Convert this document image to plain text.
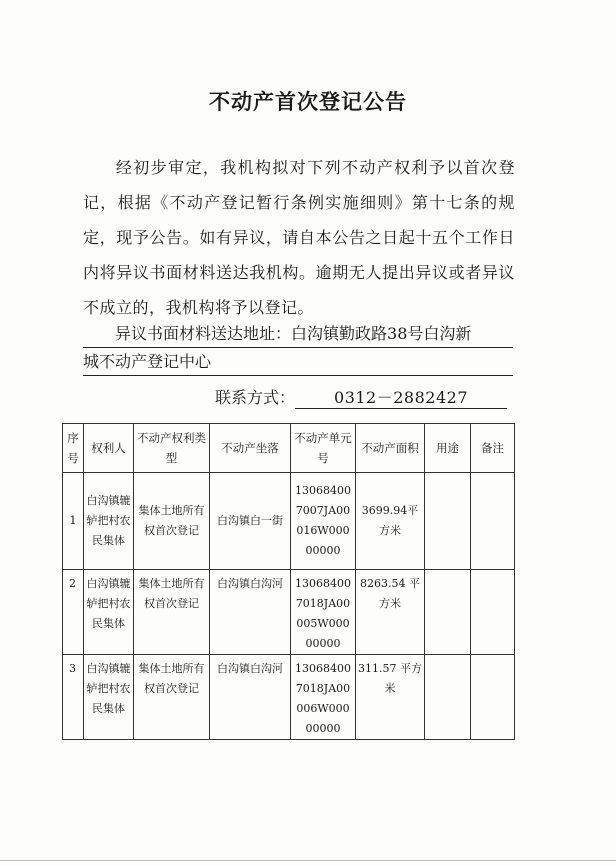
不动产首次登记公告
经初步审定，我机构拟对下列不动产权利予以首次登记，根据《不动产登记暂行条例实施细则》第十七条的规定，现予公告。如有异议，请自本公告之日起十五个工作日内将异议书面材料送达我机构。逾期无人提出异议或者异议不成立的，我机构将予以登记。
异议书面材料送达地址：白沟镇勤政路38号白沟新
城不动产登记中心
联系方式： 0312－2882427
序号	权利人	不动产权利类型	不动产坐落	不动产单元号	不动产面积	用途	备注
1	白沟镇辘轳把村农民集体	集体土地所有权首次登记	白沟镇白一街	130684007007JA00016W00000000	3699.94平方米		
2	白沟镇辘轳把村农民集体	集体土地所有权首次登记	白沟镇白沟河	130684007018JA00005W00000000	8263.54 平方米		
3	白沟镇辘轳把村农民集体	集体土地所有权首次登记	白沟镇白沟河	130684007018JA00006W00000000	311.57 平方米		
